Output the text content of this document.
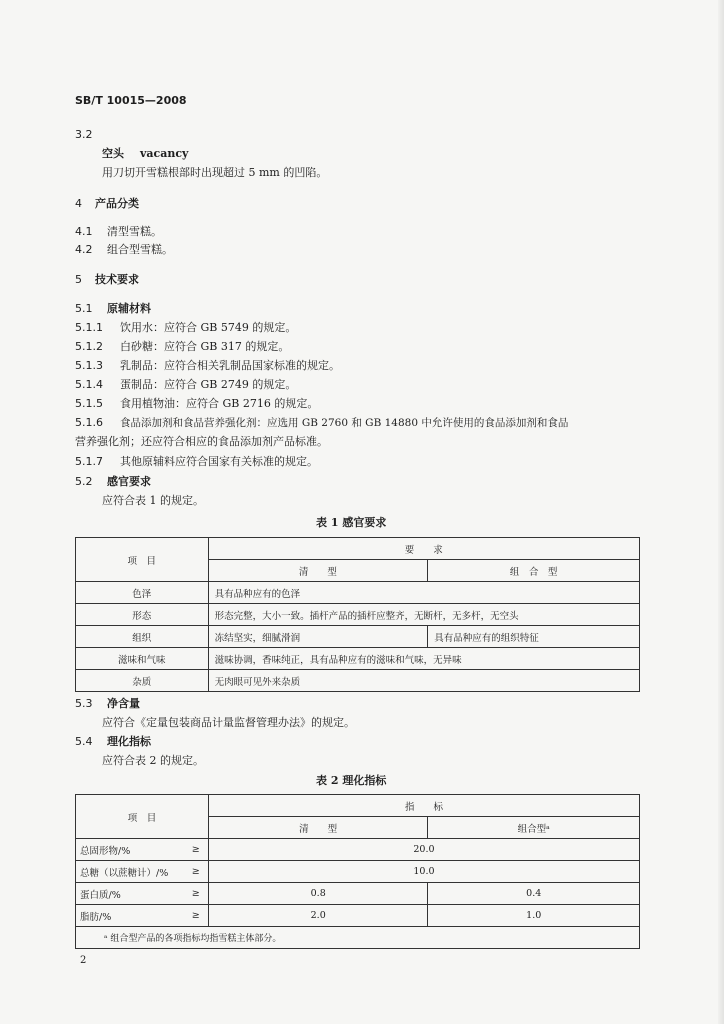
SB/T 10015—2008
3.2
空头 vacancy
用刀切开雪糕根部时出现超过 5 mm 的凹陷。
4 产品分类
4.1 清型雪糕。
4.2 组合型雪糕。
5 技术要求
5.1 原辅材料
5.1.1 饮用水：应符合 GB 5749 的规定。
5.1.2 白砂糖：应符合 GB 317 的规定。
5.1.3 乳制品：应符合相关乳制品国家标准的规定。
5.1.4 蛋制品：应符合 GB 2749 的规定。
5.1.5 食用植物油：应符合 GB 2716 的规定。
5.1.6 食品添加剂和食品营养强化剂：应选用 GB 2760 和 GB 14880 中允许使用的食品添加剂和食品
营养强化剂；还应符合相应的食品添加剂产品标准。
5.1.7 其他原辅料应符合国家有关标准的规定。
5.2 感官要求
应符合表 1 的规定。
表 1 感官要求
项　目	要　　求	
	清　　型	组　合　型
色泽	具有品种应有的色泽	
形态	形态完整，大小一致。插杆产品的插杆应整齐，无断杆，无多杆，无空头	
组织	冻结坚实，细腻滑润	具有品种应有的组织特征
滋味和气味	滋味协调，香味纯正，具有品种应有的滋味和气味，无异味	
杂质	无肉眼可见外来杂质	
5.3 净含量
应符合《定量包装商品计量监督管理办法》的规定。
5.4 理化指标
应符合表 2 的规定。
表 2 理化指标
项　目		指　　标	
		清　　型	组合型ᵃ
总固形物/%	≥	20.0	
总糖（以蔗糖计）/%	≥	10.0	
蛋白质/%	≥	0.8	0.4
脂肪/%	≥	2.0	1.0
ᵃ 组合型产品的各项指标均指雪糕主体部分。			
2
